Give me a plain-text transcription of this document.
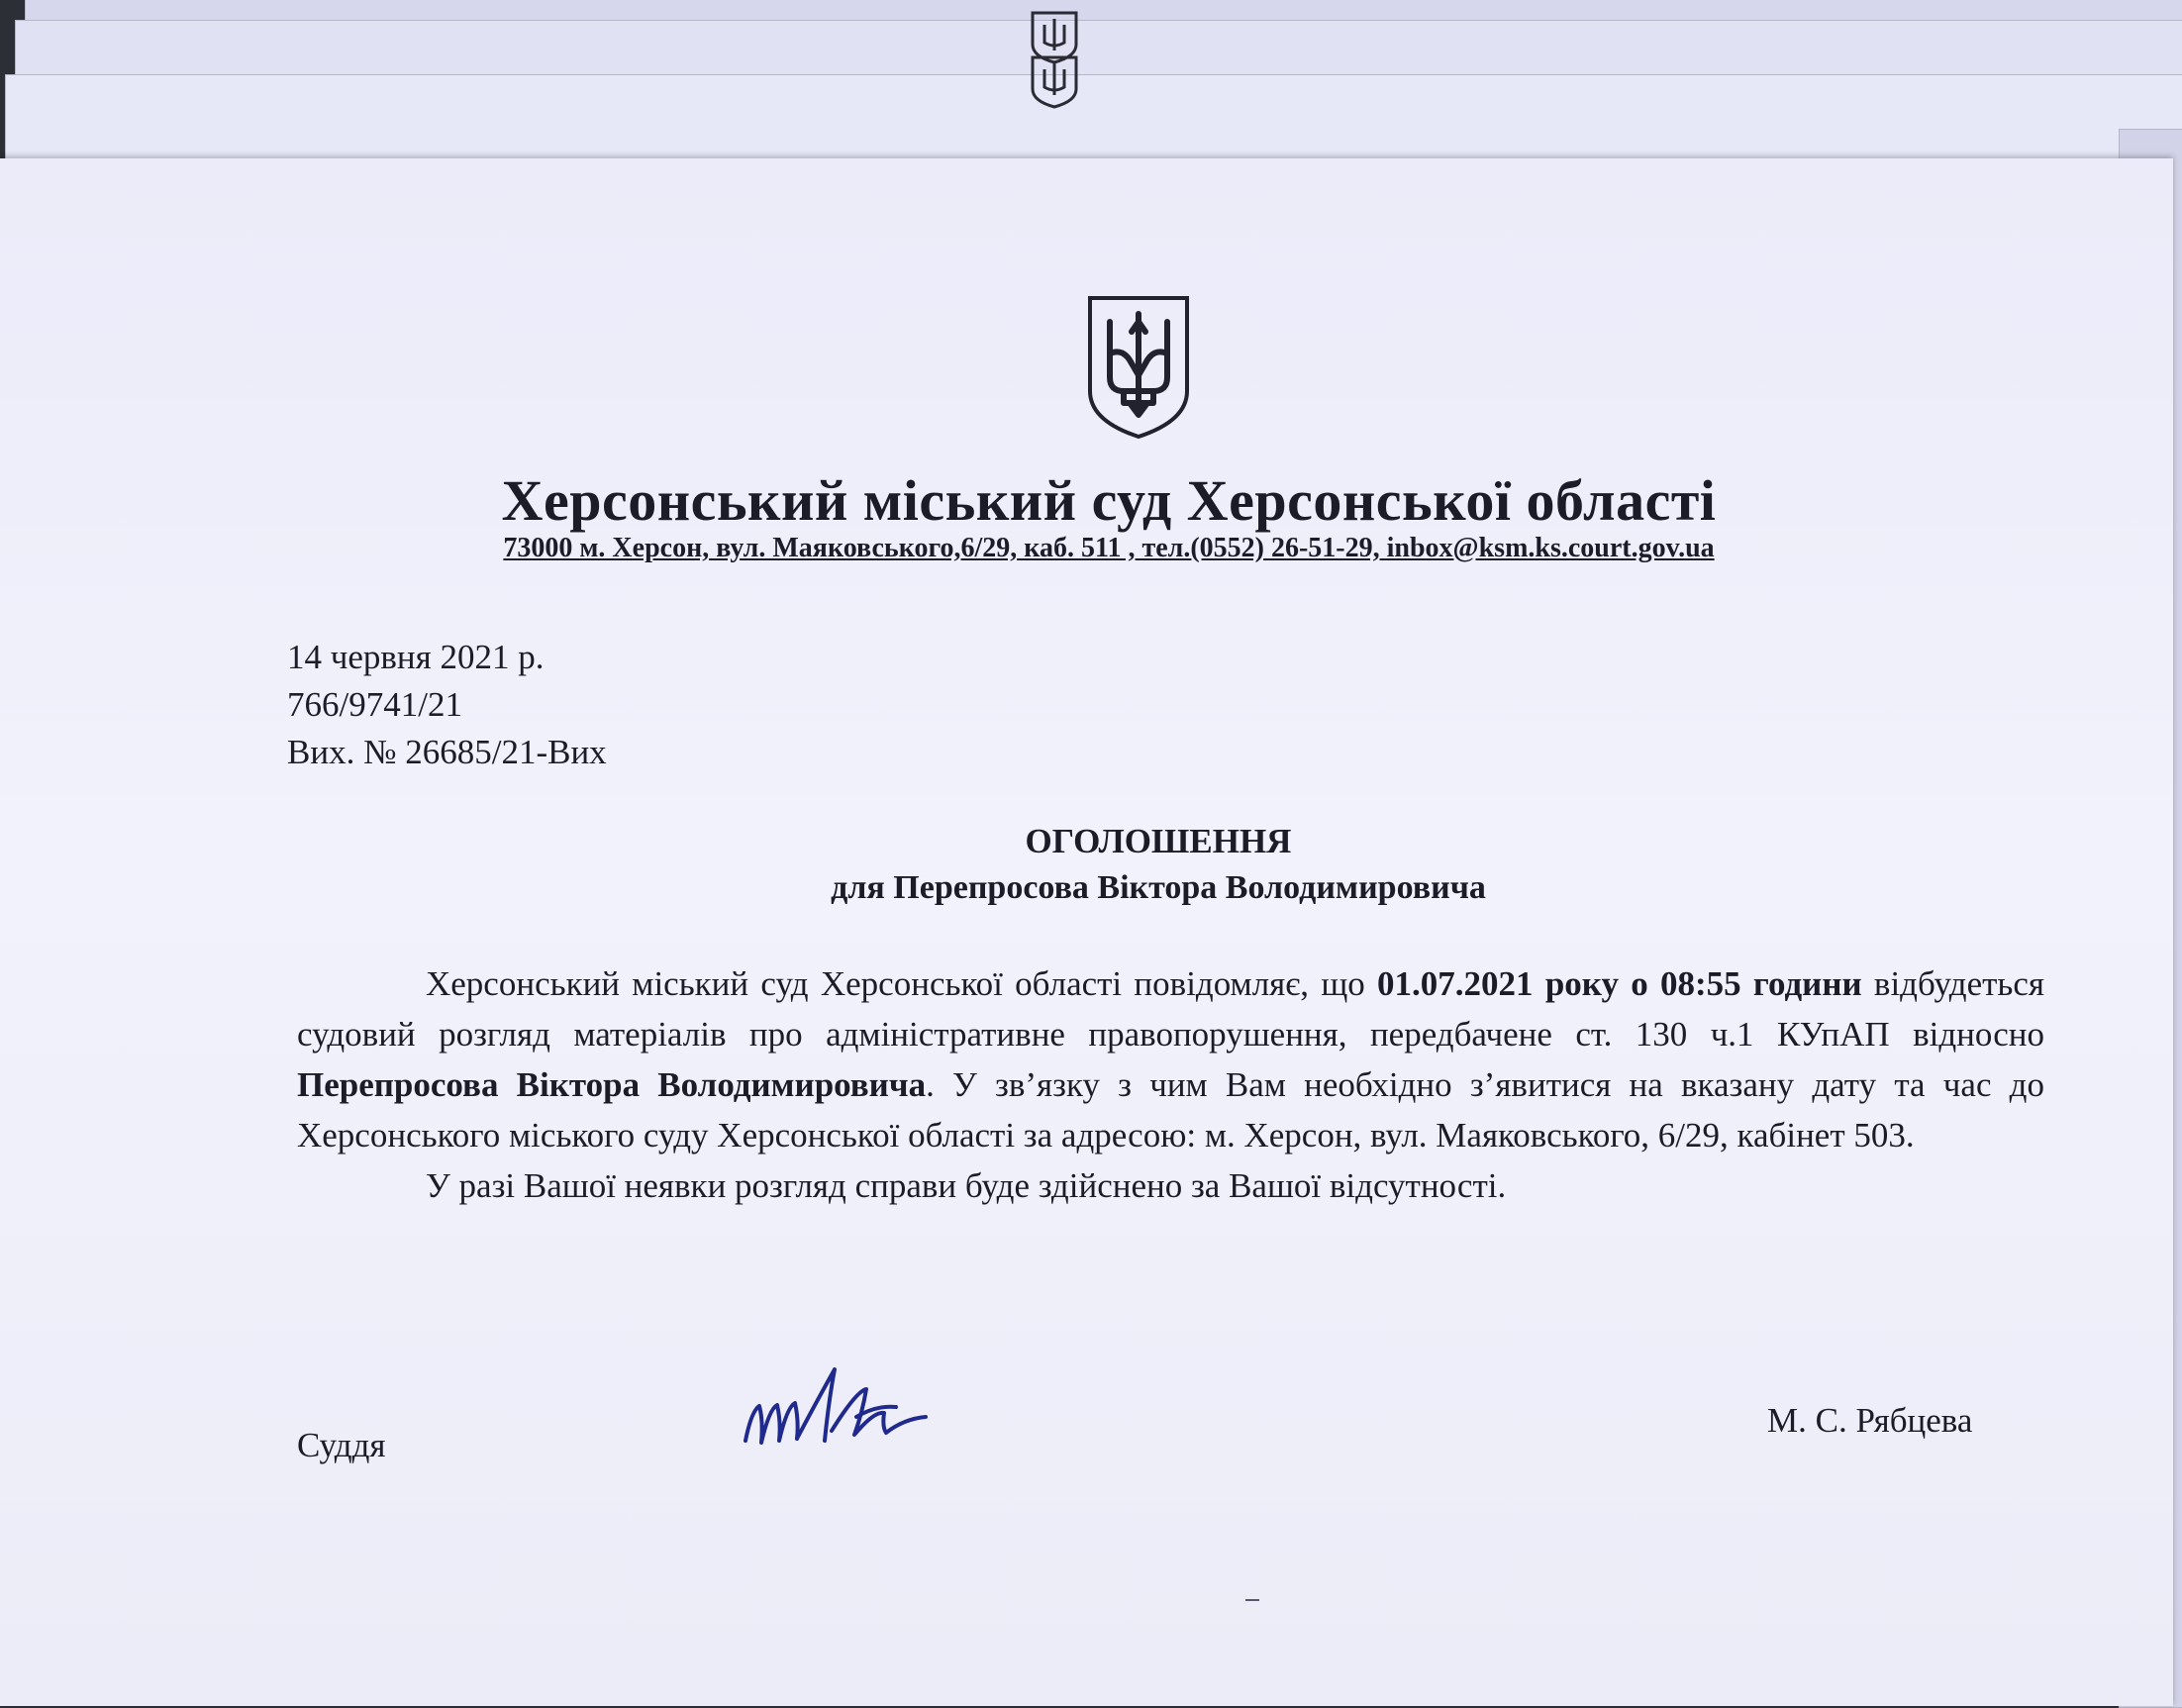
Херсонський міський суд Херсонської області
73000 м. Херсон, вул. Маяковського,6/29, каб. 511 , тел.(0552) 26-51-29, inbox@ksm.ks.court.gov.ua
14 червня 2021 р.
766/9741/21
Вих. № 26685/21-Вих
ОГОЛОШЕННЯ
для Перепросова Віктора Володимировича

Херсонський міський суд Херсонської області повідомляє, що 01.07.2021 року о 08:55 години відбудеться судовий розгляд матеріалів про адміністративне правопорушення, передбачене ст. 130 ч.1 КУпАП відносно Перепросова Віктора Володимировича. У зв’язку з чим Вам необхідно з’явитися на вказану дату та час до Херсонського міського суду Херсонської області за адресою: м. Херсон, вул. Маяковського, 6/29, кабінет 503.

У разі Вашої неявки розгляд справи буде здійснено за Вашої відсутності.

Суддя
М. С. Рябцева
